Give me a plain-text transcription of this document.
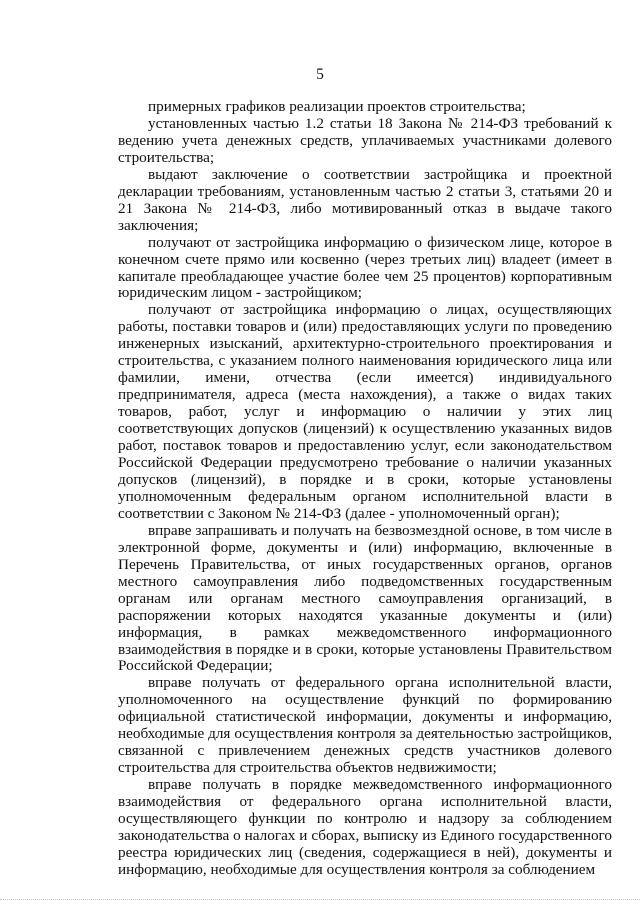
5

примерных графиков реализации проектов строительства;

установленных частью 1.2 статьи 18 Закона № 214-ФЗ требований к ведению учета денежных средств, уплачиваемых участниками долевого строительства;

выдают заключение о соответствии застройщика и проектной декларации требованиям, установленным частью 2 статьи 3, статьями 20 и 21 Закона № 214-ФЗ, либо мотивированный отказ в выдаче такого заключения;

получают от застройщика информацию о физическом лице, которое в конечном счете прямо или косвенно (через третьих лиц) владеет (имеет в капитале преобладающее участие более чем 25 процентов) корпоративным юридическим лицом - застройщиком;

получают от застройщика информацию о лицах, осуществляющих работы, поставки товаров и (или) предоставляющих услуги по проведению инженерных изысканий, архитектурно-строительного проектирования и строительства, с указанием полного наименования юридического лица или фамилии, имени, отчества (если имеется) индивидуального предпринимателя, адреса (места нахождения), а также о видах таких товаров, работ, услуг и информацию о наличии у этих лиц соответствующих допусков (лицензий) к осуществлению указанных видов работ, поставок товаров и предоставлению услуг, если законодательством Российской Федерации предусмотрено требование о наличии указанных допусков (лицензий), в порядке и в сроки, которые установлены уполномоченным федеральным органом исполнительной власти в соответствии с Законом № 214-ФЗ (далее - уполномоченный орган);

вправе запрашивать и получать на безвозмездной основе, в том числе в электронной форме, документы и (или) информацию, включенные в Перечень Правительства, от иных государственных органов, органов местного самоуправления либо подведомственных государственным органам или органам местного самоуправления организаций, в распоряжении которых находятся указанные документы и (или) информация, в рамках межведомственного информационного взаимодействия в порядке и в сроки, которые установлены Правительством Российской Федерации;

вправе получать от федерального органа исполнительной власти, уполномоченного на осуществление функций по формированию официальной статистической информации, документы и информацию, необходимые для осуществления контроля за деятельностью застройщиков, связанной с привлечением денежных средств участников долевого строительства для строительства объектов недвижимости;

вправе получать в порядке межведомственного информационного взаимодействия от федерального органа исполнительной власти, осуществляющего функции по контролю и надзору за соблюдением законодательства о налогах и сборах, выписку из Единого государственного реестра юридических лиц (сведения, содержащиеся в ней), документы и информацию, необходимые для осуществления контроля за соблюдением
